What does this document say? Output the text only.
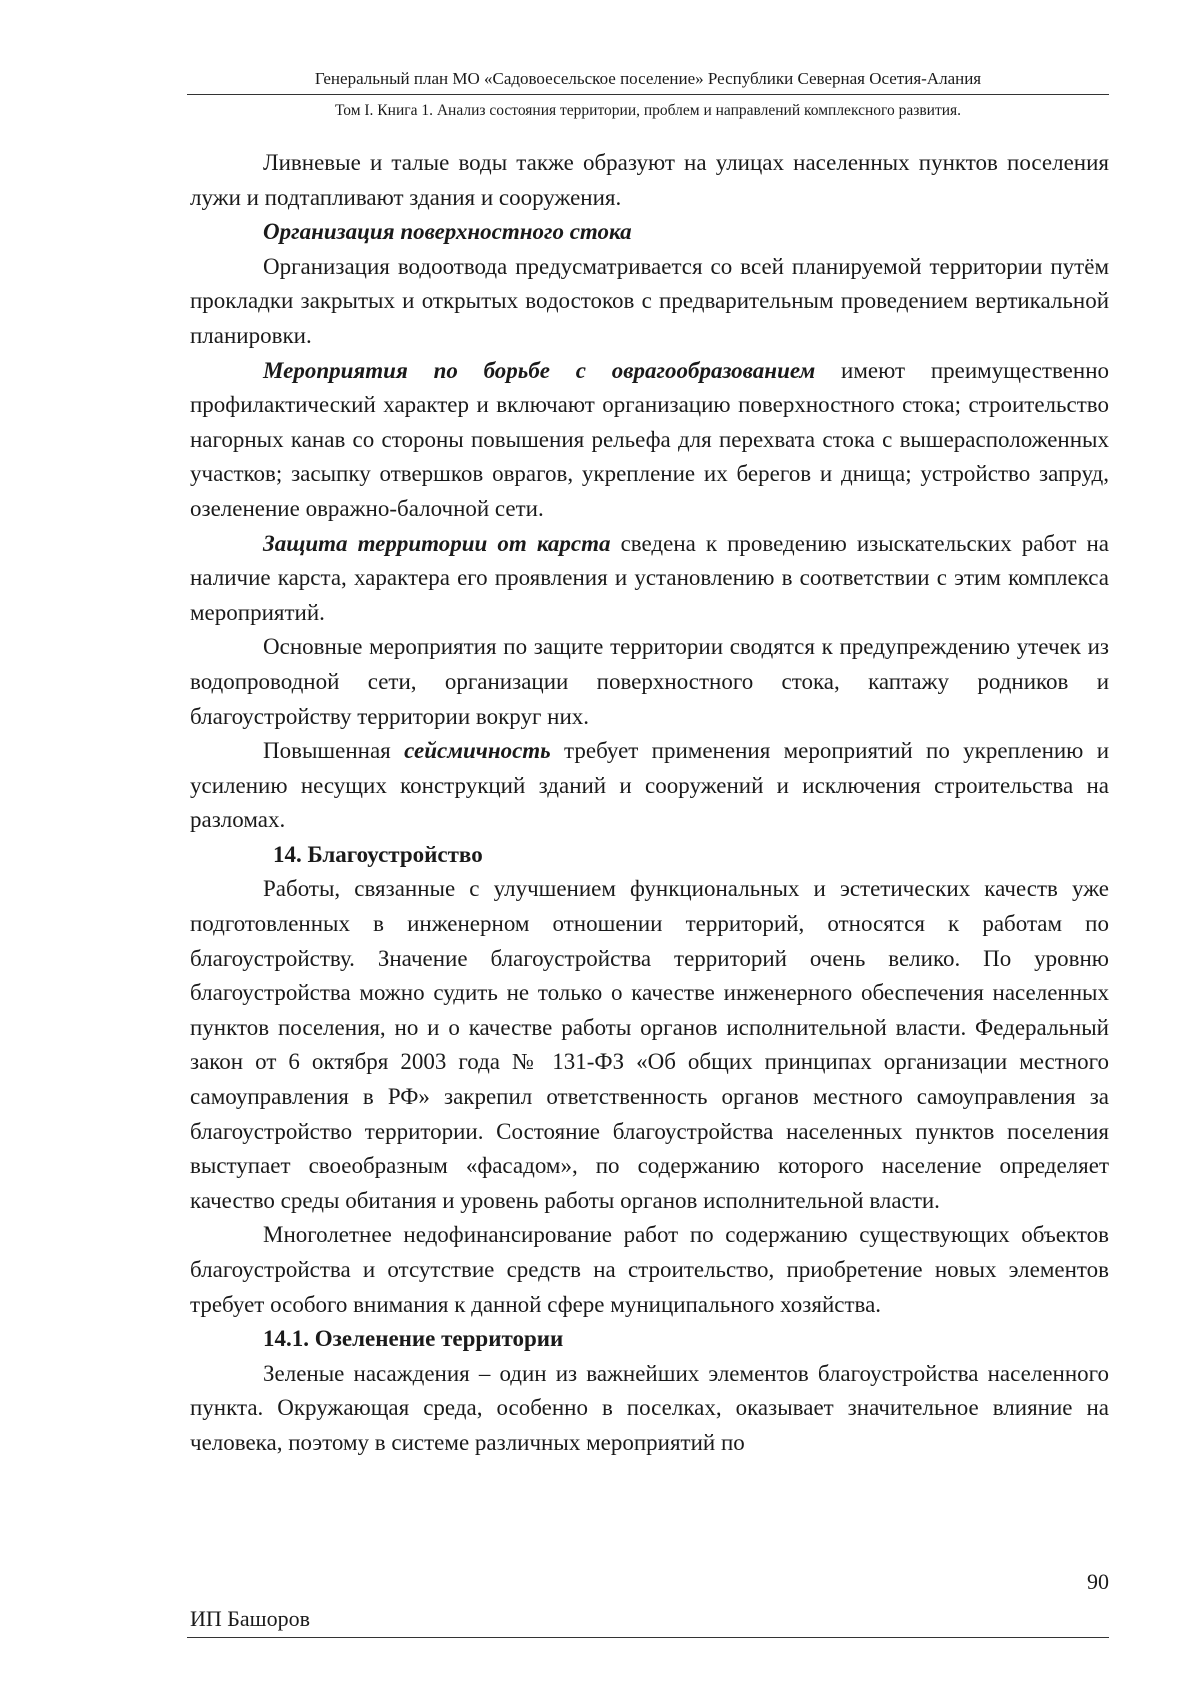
Генеральный план МО «Садовоесельское поселение» Республики Северная Осетия-Алания
Том I. Книга 1. Анализ состояния территории, проблем и направлений комплексного развития.

Ливневые и талые воды также образуют на улицах населенных пунктов поселения лужи и подтапливают здания и сооружения.

Организация поверхностного стока

Организация водоотвода предусматривается со всей планируемой территории путём прокладки закрытых и открытых водостоков с предварительным проведением вертикальной планировки.

Мероприятия по борьбе с оврагообразованием имеют преимущественно профилактический характер и включают организацию поверхностного стока; строительство нагорных канав со стороны повышения рельефа для перехвата стока с вышерасположенных участков; засыпку отвершков оврагов, укрепление их берегов и днища; устройство запруд, озеленение овражно-балочной сети.

Защита территории от карста сведена к проведению изыскательских работ на наличие карста, характера его проявления и установлению в соответствии с этим комплекса мероприятий.

Основные мероприятия по защите территории сводятся к предупреждению утечек из водопроводной сети, организации поверхностного стока, каптажу родников и благоустройству территории вокруг них.

Повышенная сейсмичность требует применения мероприятий по укреплению и усилению несущих конструкций зданий и сооружений и исключения строительства на разломах.

14. Благоустройство

Работы, связанные с улучшением функциональных и эстетических качеств уже подготовленных в инженерном отношении территорий, относятся к работам по благоустройству. Значение благоустройства территорий очень велико. По уровню благоустройства можно судить не только о качестве инженерного обеспечения населенных пунктов поселения, но и о качестве работы органов исполнительной власти. Федеральный закон от 6 октября 2003 года № 131-ФЗ «Об общих принципах организации местного самоуправления в РФ» закрепил ответственность органов местного самоуправления за благоустройство территории. Состояние благоустройства населенных пунктов поселения выступает своеобразным «фасадом», по содержанию которого население определяет качество среды обитания и уровень работы органов исполнительной власти.

Многолетнее недофинансирование работ по содержанию существующих объектов благоустройства и отсутствие средств на строительство, приобретение новых элементов требует особого внимания к данной сфере муниципального хозяйства.

14.1. Озеленение территории

Зеленые насаждения – один из важнейших элементов благоустройства населенного пункта. Окружающая среда, особенно в поселках, оказывает значительное влияние на человека, поэтому в системе различных мероприятий по

90
ИП Башоров
